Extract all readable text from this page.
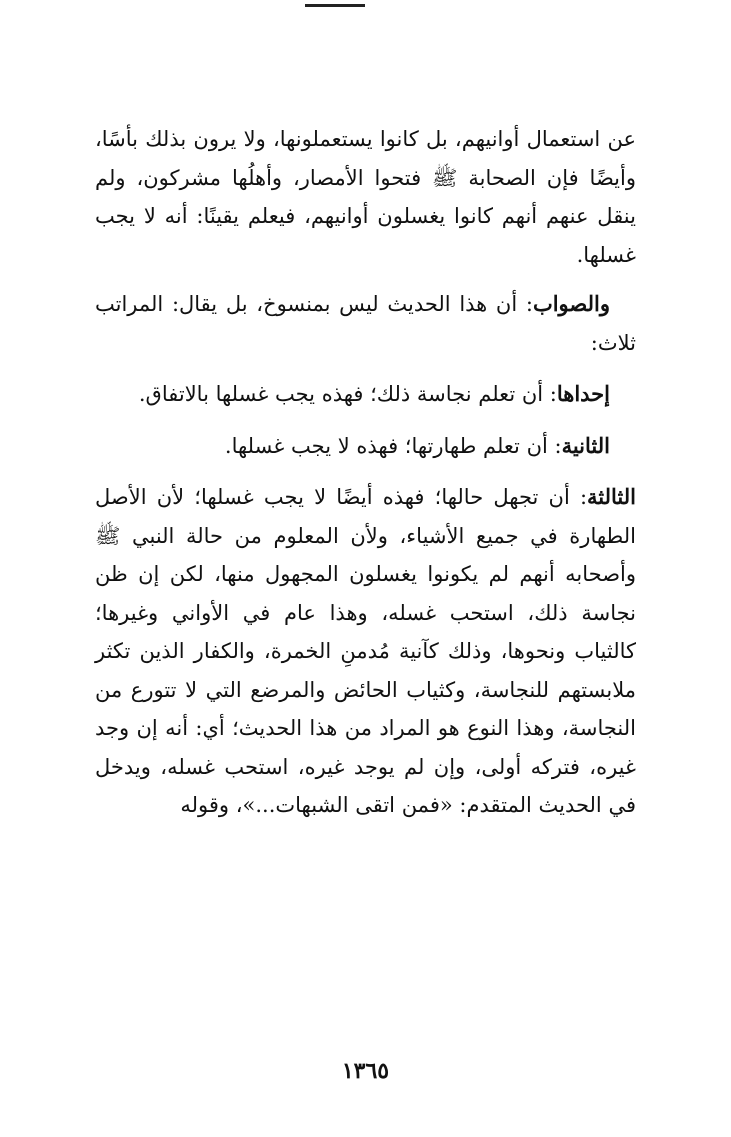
عن استعمال أوانيهم، بل كانوا يستعملونها، ولا يرون بذلك بأسًا، وأيضًا فإن الصحابة ﷺ فتحوا الأمصار، وأهلُها مشركون، ولم ينقل عنهم أنهم كانوا يغسلون أوانيهم، فيعلم يقينًا: أنه لا يجب غسلها.

والصواب: أن هذا الحديث ليس بمنسوخ، بل يقال: المراتب ثلاث:

إحداها: أن تعلم نجاسة ذلك؛ فهذه يجب غسلها بالاتفاق.

الثانية: أن تعلم طهارتها؛ فهذه لا يجب غسلها.

الثالثة: أن تجهل حالها؛ فهذه أيضًا لا يجب غسلها؛ لأن الأصل الطهارة في جميع الأشياء، ولأن المعلوم من حالة النبي ﷺ وأصحابه أنهم لم يكونوا يغسلون المجهول منها، لكن إن ظن نجاسة ذلك، استحب غسله، وهذا عام في الأواني وغيرها؛ كالثياب ونحوها، وذلك كآنية مُدمنِ الخمرة، والكفار الذين تكثر ملابستهم للنجاسة، وكثياب الحائض والمرضع التي لا تتورع من النجاسة، وهذا النوع هو المراد من هذا الحديث؛ أي: أنه إن وجد غيره، فتركه أولى، وإن لم يوجد غيره، استحب غسله، ويدخل في الحديث المتقدم: «فمن اتقى الشبهات...»، وقوله

١٣٦٥
